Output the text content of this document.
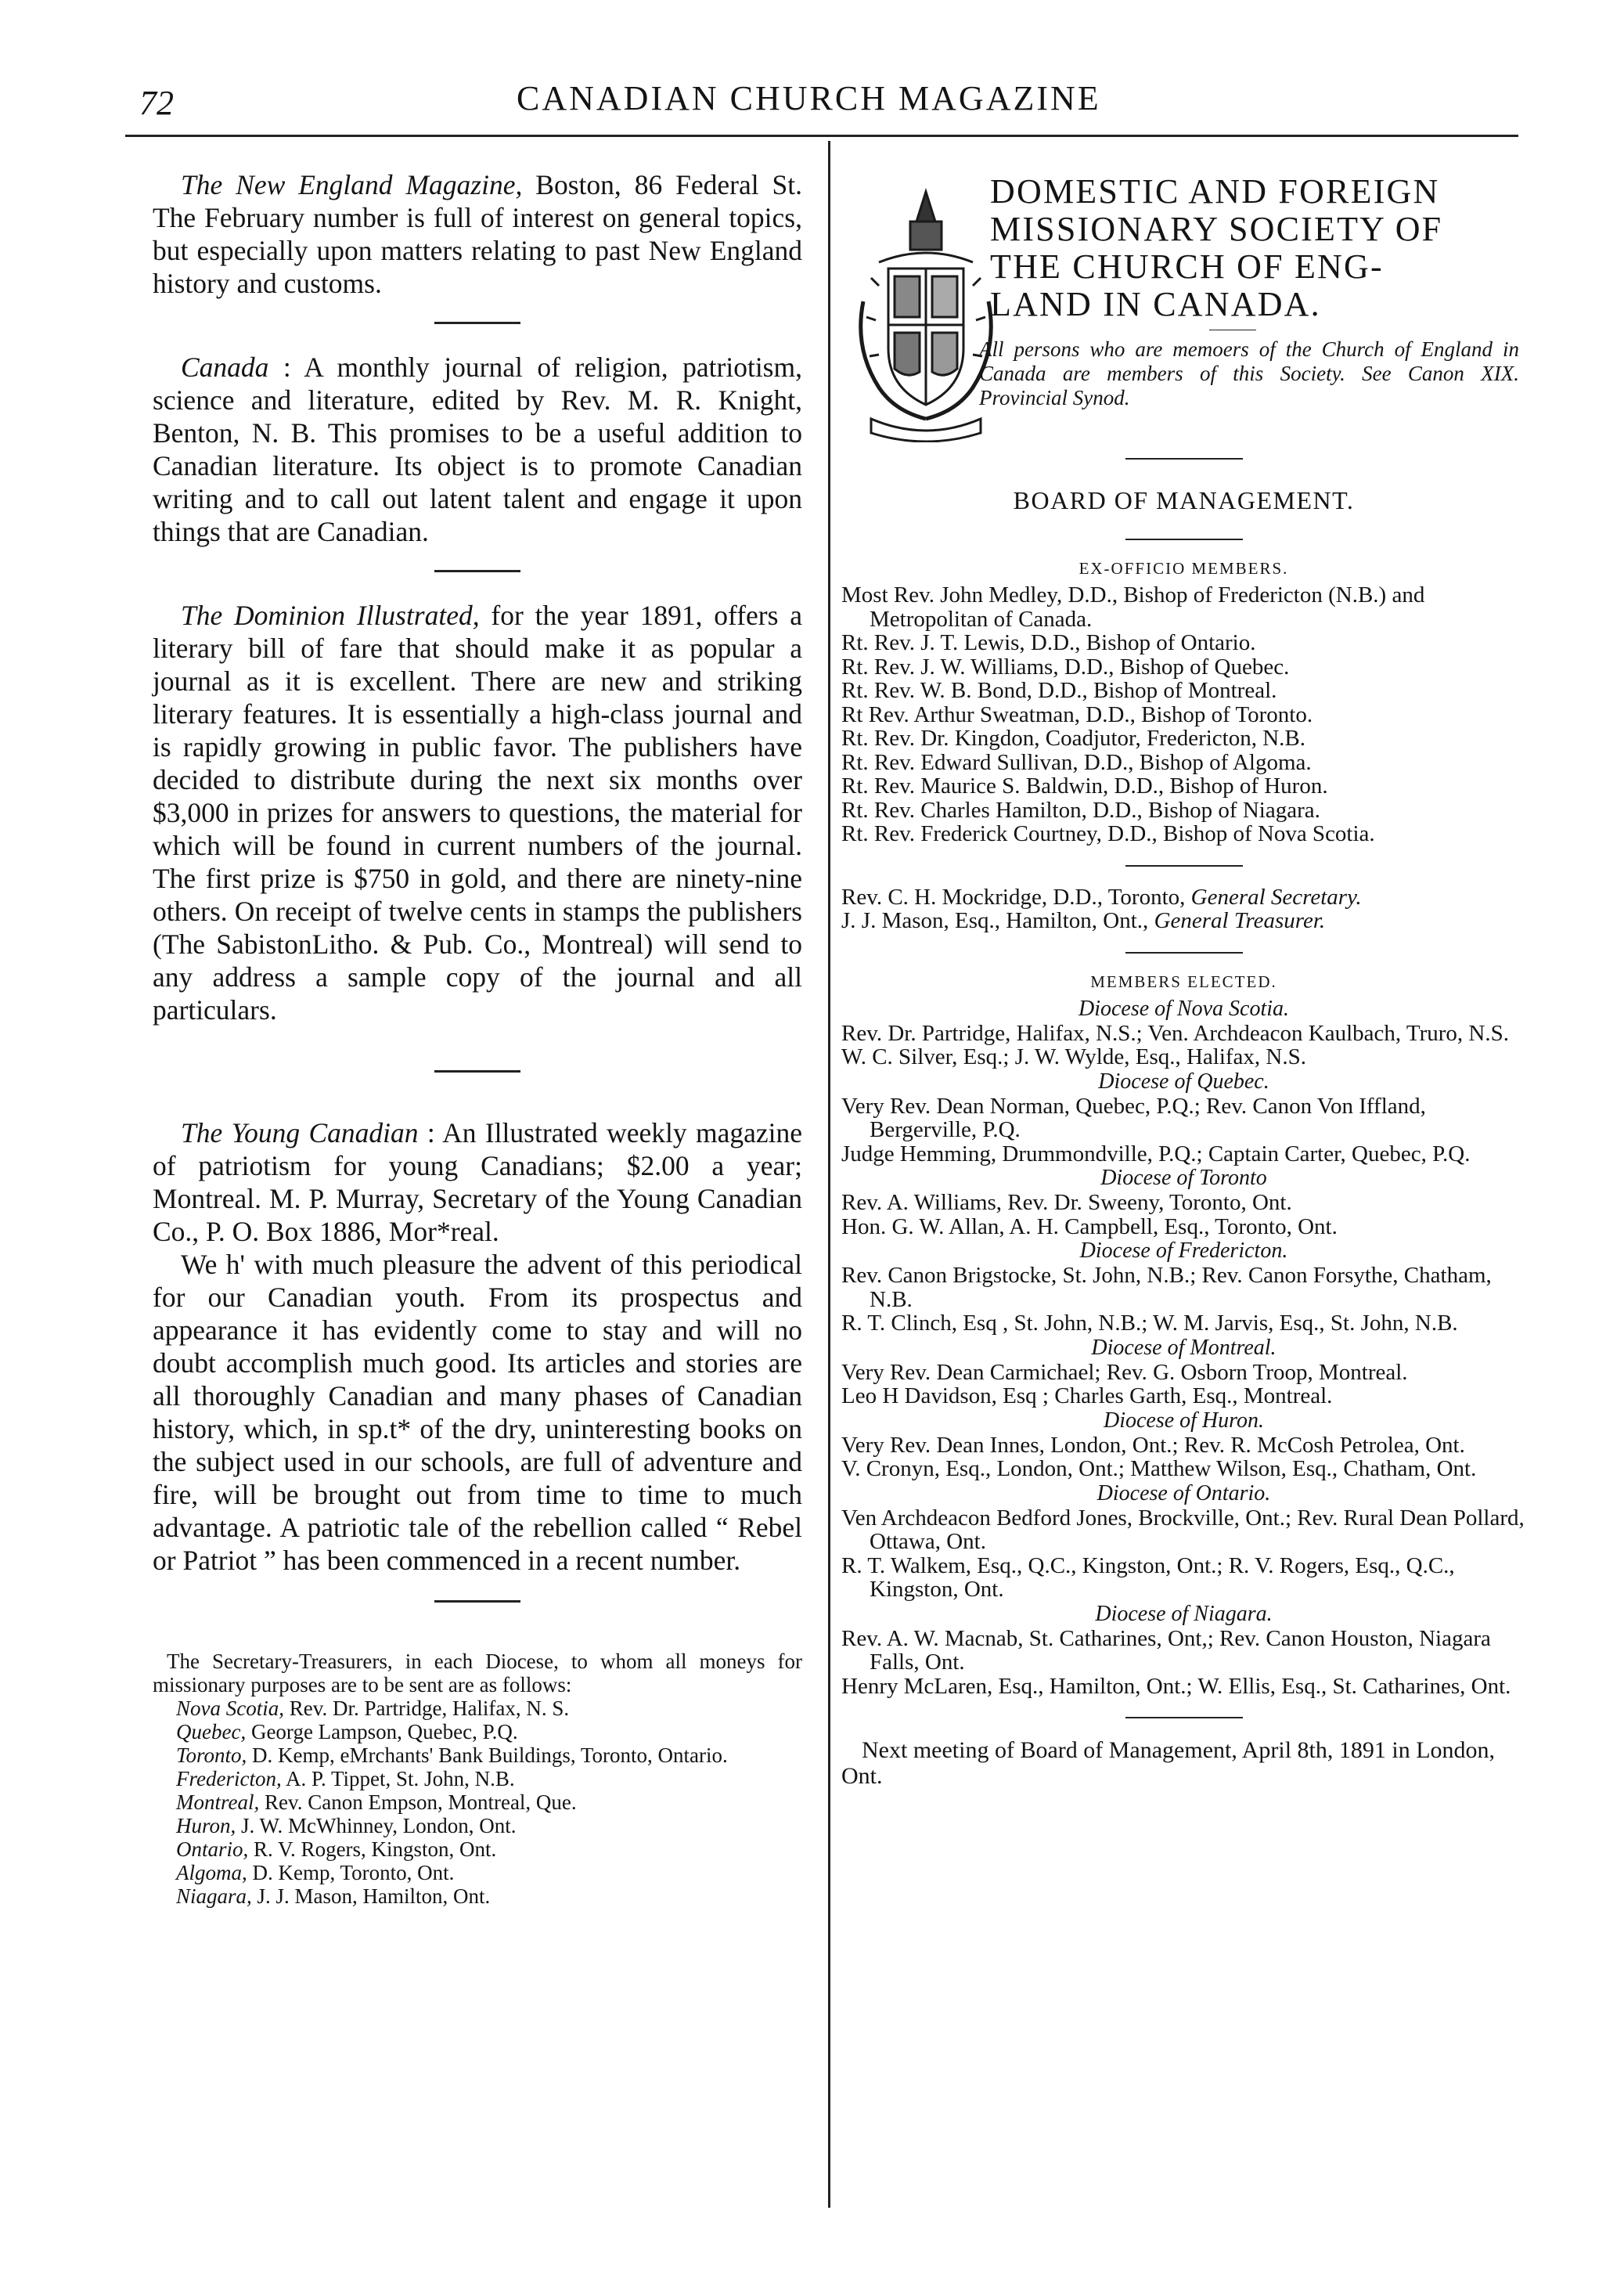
72	CANADIAN CHURCH MAGAZINE

The New England Magazine, Boston, 86 Federal St. The February number is full of interest on general topics, but especially upon matters relating to past New England history and customs.

Canada : A monthly journal of religion, patriotism, science and literature, edited by Rev. M. R. Knight, Benton, N. B. This promises to be a useful addition to Canadian literature. Its object is to promote Canadian writing and to call out latent talent and engage it upon things that are Canadian.

The Dominion Illustrated, for the year 1891, offers a literary bill of fare that should make it as popular a journal as it is excellent. There are new and striking literary features. It is essentially a high-class journal and is rapidly growing in public favor. The publishers have decided to distribute during the next six months over $3,000 in prizes for answers to questions, the material for which will be found in current numbers of the journal. The first prize is $750 in gold, and there are ninety-nine others. On receipt of twelve cents in stamps the publishers (The SabistonLitho. & Pub. Co., Montreal) will send to any address a sample copy of the journal and all particulars.

The Young Canadian : An Illustrated weekly magazine of patriotism for young Canadians; $2.00 a year; Montreal. M. P. Murray, Secretary of the Young Canadian Co., P. O. Box 1886, Mor*real.

We h' with much pleasure the advent of this periodical for our Canadian youth. From its prospectus and appearance it has evidently come to stay and will no doubt accomplish much good. Its articles and stories are all thoroughly Canadian and many phases of Canadian history, which, in sp.t* of the dry, uninteresting books on the subject used in our schools, are full of adventure and fire, will be brought out from time to time to much advantage. A patriotic tale of the rebellion called “ Rebel or Patriot ” has been commenced in a recent number.

The Secretary-Treasurers, in each Diocese, to whom all moneys for missionary purposes are to be sent are as follows:

Nova Scotia, Rev. Dr. Partridge, Halifax, N. S.

Quebec, George Lampson, Quebec, P.Q.

Toronto, D. Kemp, eMrchants' Bank Buildings, Toronto, Ontario.

Fredericton, A. P. Tippet, St. John, N.B.

Montreal, Rev. Canon Empson, Montreal, Que.

Huron, J. W. McWhinney, London, Ont.

Ontario, R. V. Rogers, Kingston, Ont.

Algoma, D. Kemp, Toronto, Ont.

Niagara, J. J. Mason, Hamilton, Ont.

DOMESTIC AND FOREIGN
MISSIONARY SOCIETY OF
THE CHURCH OF ENG-
LAND IN CANADA.

All persons who are memoers of the Church of England in Canada are members of this Society. See Canon XIX. Provincial Synod.

BOARD OF MANAGEMENT.
EX-OFFICIO MEMBERS.

Most Rev. John Medley, D.D., Bishop of Fredericton (N.B.) and Metropolitan of Canada.

Rt. Rev. J. T. Lewis, D.D., Bishop of Ontario.

Rt. Rev. J. W. Williams, D.D., Bishop of Quebec.

Rt. Rev. W. B. Bond, D.D., Bishop of Montreal.

Rt Rev. Arthur Sweatman, D.D., Bishop of Toronto.

Rt. Rev. Dr. Kingdon, Coadjutor, Fredericton, N.B.

Rt. Rev. Edward Sullivan, D.D., Bishop of Algoma.

Rt. Rev. Maurice S. Baldwin, D.D., Bishop of Huron.

Rt. Rev. Charles Hamilton, D.D., Bishop of Niagara.

Rt. Rev. Frederick Courtney, D.D., Bishop of Nova Scotia.

Rev. C. H. Mockridge, D.D., Toronto, General Secretary.

J. J. Mason, Esq., Hamilton, Ont., General Treasurer.

MEMBERS ELECTED.
Diocese of Nova Scotia.

Rev. Dr. Partridge, Halifax, N.S.; Ven. Archdeacon Kaulbach, Truro, N.S.

W. C. Silver, Esq.; J. W. Wylde, Esq., Halifax, N.S.

Diocese of Quebec.

Very Rev. Dean Norman, Quebec, P.Q.; Rev. Canon Von Iffland, Bergerville, P.Q.

Judge Hemming, Drummondville, P.Q.; Captain Carter, Quebec, P.Q.

Diocese of Toronto

Rev. A. Williams, Rev. Dr. Sweeny, Toronto, Ont.

Hon. G. W. Allan, A. H. Campbell, Esq., Toronto, Ont.

Diocese of Fredericton.

Rev. Canon Brigstocke, St. John, N.B.; Rev. Canon Forsythe, Chatham, N.B.

R. T. Clinch, Esq , St. John, N.B.; W. M. Jarvis, Esq., St. John, N.B.

Diocese of Montreal.

Very Rev. Dean Carmichael; Rev. G. Osborn Troop, Montreal.

Leo H Davidson, Esq ; Charles Garth, Esq., Montreal.

Diocese of Huron.

Very Rev. Dean Innes, London, Ont.; Rev. R. McCosh Petrolea, Ont.

V. Cronyn, Esq., London, Ont.; Matthew Wilson, Esq., Chatham, Ont.

Diocese of Ontario.

Ven Archdeacon Bedford Jones, Brockville, Ont.; Rev. Rural Dean Pollard, Ottawa, Ont.

R. T. Walkem, Esq., Q.C., Kingston, Ont.; R. V. Rogers, Esq., Q.C., Kingston, Ont.

Diocese of Niagara.

Rev. A. W. Macnab, St. Catharines, Ont,; Rev. Canon Houston, Niagara Falls, Ont.

Henry McLaren, Esq., Hamilton, Ont.; W. Ellis, Esq., St. Catharines, Ont.

Next meeting of Board of Management, April 8th, 1891 in London, Ont.
